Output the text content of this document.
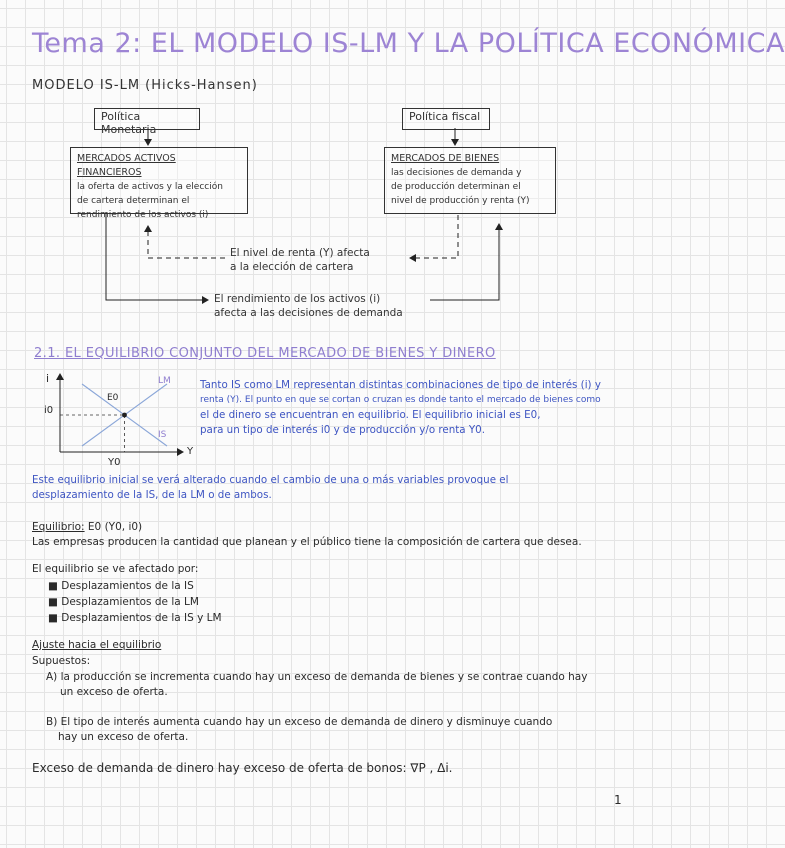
Tema 2: EL MODELO IS-LM Y LA POLÍTICA ECONÓMICA
MODELO IS-LM (Hicks-Hansen)
Política Monetaria
Política fiscal
MERCADOS ACTIVOS FINANCIEROS
la oferta de activos y la elección
de cartera determinan el
rendimiento de los activos (i)
MERCADOS DE BIENES
las decisiones de demanda y
de producción determinan el
nivel de producción y renta (Y)
El nivel de renta (Y) afecta
a la elección de cartera
El rendimiento de los activos (i)
afecta a las decisiones de demanda
2.1. EL EQUILIBRIO CONJUNTO DEL MERCADO DE BIENES Y DINERO
i
Y
i0
Y0
E0
LM
IS
Tanto IS como LM representan distintas combinaciones de tipo de interés (i) y
renta (Y). El punto en que se cortan o cruzan es donde tanto el mercado de bienes como
el de dinero se encuentran en equilibrio. El equilibrio inicial es E0,
para un tipo de interés i0 y de producción y/o renta Y0.
Este equilibrio inicial se verá alterado cuando el cambio de una o más variables provoque el
desplazamiento de la IS, de la LM o de ambos.
Equilibrio: E0 (Y0, i0)
Las empresas producen la cantidad que planean y el público tiene la composición de cartera que desea.
El equilibrio se ve afectado por:
■ Desplazamientos de la IS
■ Desplazamientos de la LM
■ Desplazamientos de la IS y LM
Ajuste hacia el equilibrio
Supuestos:
A) la producción se incrementa cuando hay un exceso de demanda de bienes y se contrae cuando hay
un exceso de oferta.
B) El tipo de interés aumenta cuando hay un exceso de demanda de dinero y disminuye cuando
hay un exceso de oferta.
Exceso de demanda de dinero hay exceso de oferta de bonos: ∇P , Δi.
1
